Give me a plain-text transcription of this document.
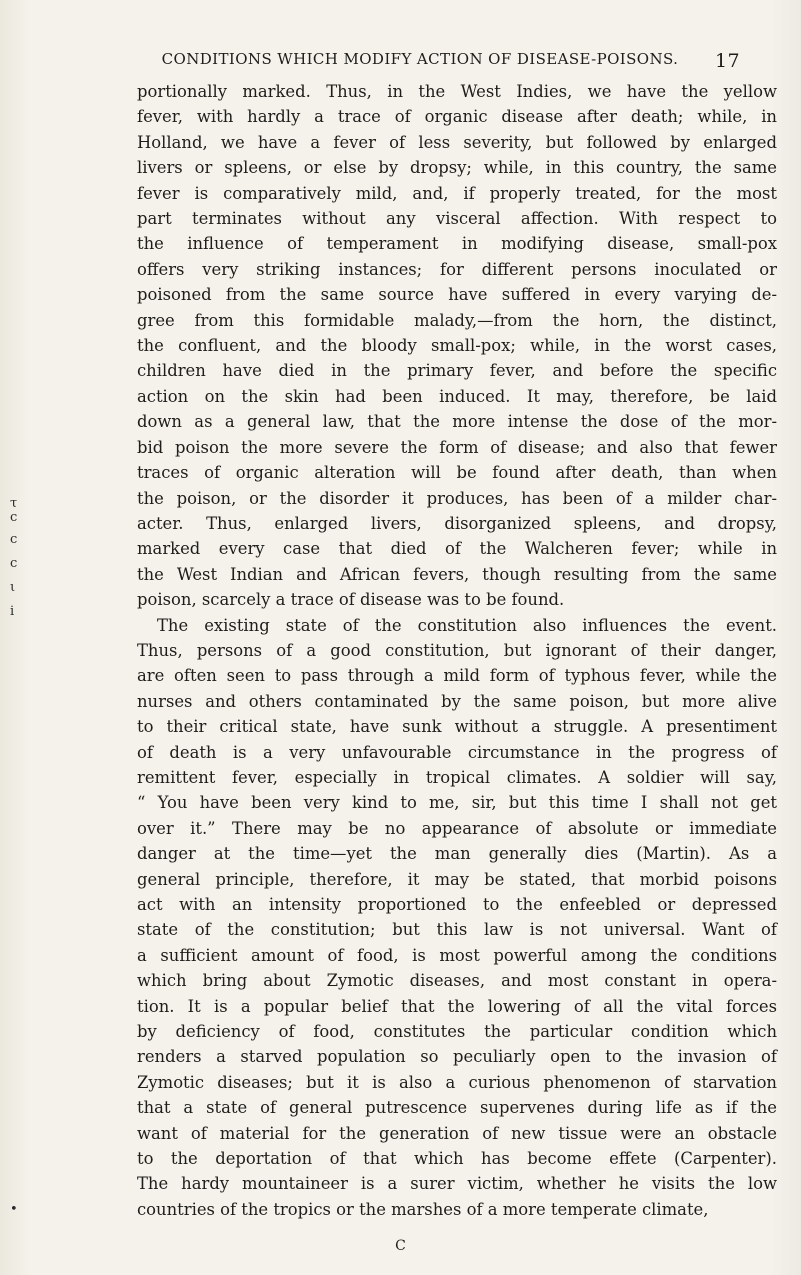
τ
c
c
c
ι
i
•
CONDITIONS WHICH MODIFY ACTION OF DISEASE-POISONS.	17
portionally marked. Thus, in the West Indies, we have the yellow
fever, with hardly a trace of organic disease after death; while, in
Holland, we have a fever of less severity, but followed by enlarged
livers or spleens, or else by dropsy; while, in this country, the same
fever is comparatively mild, and, if properly treated, for the most
part terminates without any visceral affection. With respect to
the influence of temperament in modifying disease, small-pox
offers very striking instances; for different persons inoculated or
poisoned from the same source have suffered in every varying de-
gree from this formidable malady,—from the horn, the distinct,
the confluent, and the bloody small-pox; while, in the worst cases,
children have died in the primary fever, and before the specific
action on the skin had been induced. It may, therefore, be laid
down as a general law, that the more intense the dose of the mor-
bid poison the more severe the form of disease; and also that fewer
traces of organic alteration will be found after death, than when
the poison, or the disorder it produces, has been of a milder char-
acter. Thus, enlarged livers, disorganized spleens, and dropsy,
marked every case that died of the Walcheren fever; while in
the West Indian and African fevers, though resulting from the same
poison, scarcely a trace of disease was to be found.
The existing state of the constitution also influences the event.
Thus, persons of a good constitution, but ignorant of their danger,
are often seen to pass through a mild form of typhous fever, while the
nurses and others contaminated by the same poison, but more alive
to their critical state, have sunk without a struggle. A presentiment
of death is a very unfavourable circumstance in the progress of
remittent fever, especially in tropical climates. A soldier will say,
“ You have been very kind to me, sir, but this time I shall not get
over it.” There may be no appearance of absolute or immediate
danger at the time—yet the man generally dies (Martin). As a
general principle, therefore, it may be stated, that morbid poisons
act with an intensity proportioned to the enfeebled or depressed
state of the constitution; but this law is not universal. Want of
a sufficient amount of food, is most powerful among the conditions
which bring about Zymotic diseases, and most constant in opera-
tion. It is a popular belief that the lowering of all the vital forces
by deficiency of food, constitutes the particular condition which
renders a starved population so peculiarly open to the invasion of
Zymotic diseases; but it is also a curious phenomenon of starvation
that a state of general putrescence supervenes during life as if the
want of material for the generation of new tissue were an obstacle
to the deportation of that which has become effete (Carpenter).
The hardy mountaineer is a surer victim, whether he visits the low
countries of the tropics or the marshes of a more temperate climate,
C
